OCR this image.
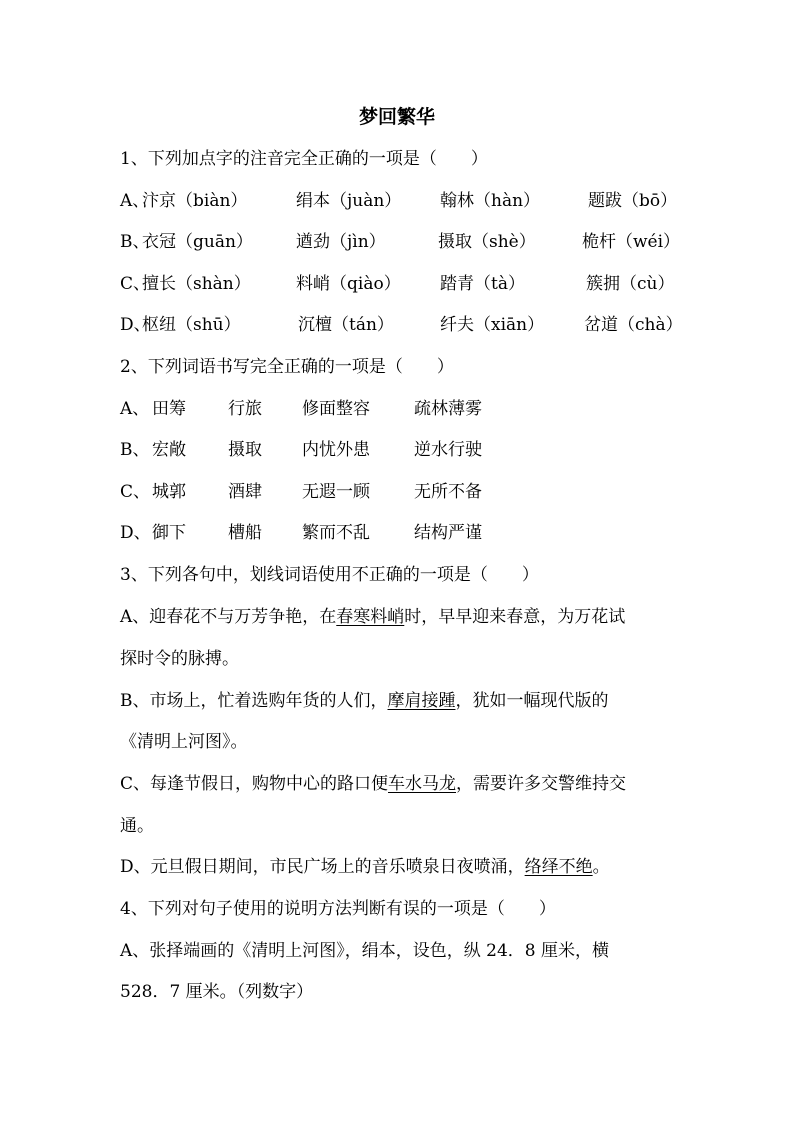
梦回繁华
1、下列加点字的注音完全正确的一项是（　　）
A、
汴京（biàn）	绢本（juàn） 翰林（hàn）	题跋（bō）
B、
衣冠（guān）	遒劲（jìn）	摄取（shè）	桅杆（wéi）
C、
擅长（shàn）	料峭（qiào） 踏青（tà）	簇拥（cù）
D、
枢纽（shū）	沉檀（tán）	纤夫（xiān） 岔道（chà）
2、下列词语书写完全正确的一项是（　　）
A、 田筹 行旅 修面整容	疏林薄雾
B、 宏敞 摄取 内忧外患	逆水行驶
C、 城郭 酒肆 无遐一顾	无所不备
D、 御下 槽船 繁而不乱	结构严谨
3、下列各句中，划线词语使用不正确的一项是（　　）
A、迎春花不与万芳争艳，在春寒料峭时，早早迎来春意，为万花试
探时令的脉搏。
B、市场上，忙着选购年货的人们，摩肩接踵，犹如一幅现代版的
《清明上河图》。
C、每逢节假日，购物中心的路口便车水马龙，需要许多交警维持交
通。
D、元旦假日期间，市民广场上的音乐喷泉日夜喷涌，络绎不绝。
4、下列对句子使用的说明方法判断有误的一项是（　　）
A、张择端画的《清明上河图》，绢本，设色，纵 24．8 厘米，横
528．7 厘米。（列数字）
